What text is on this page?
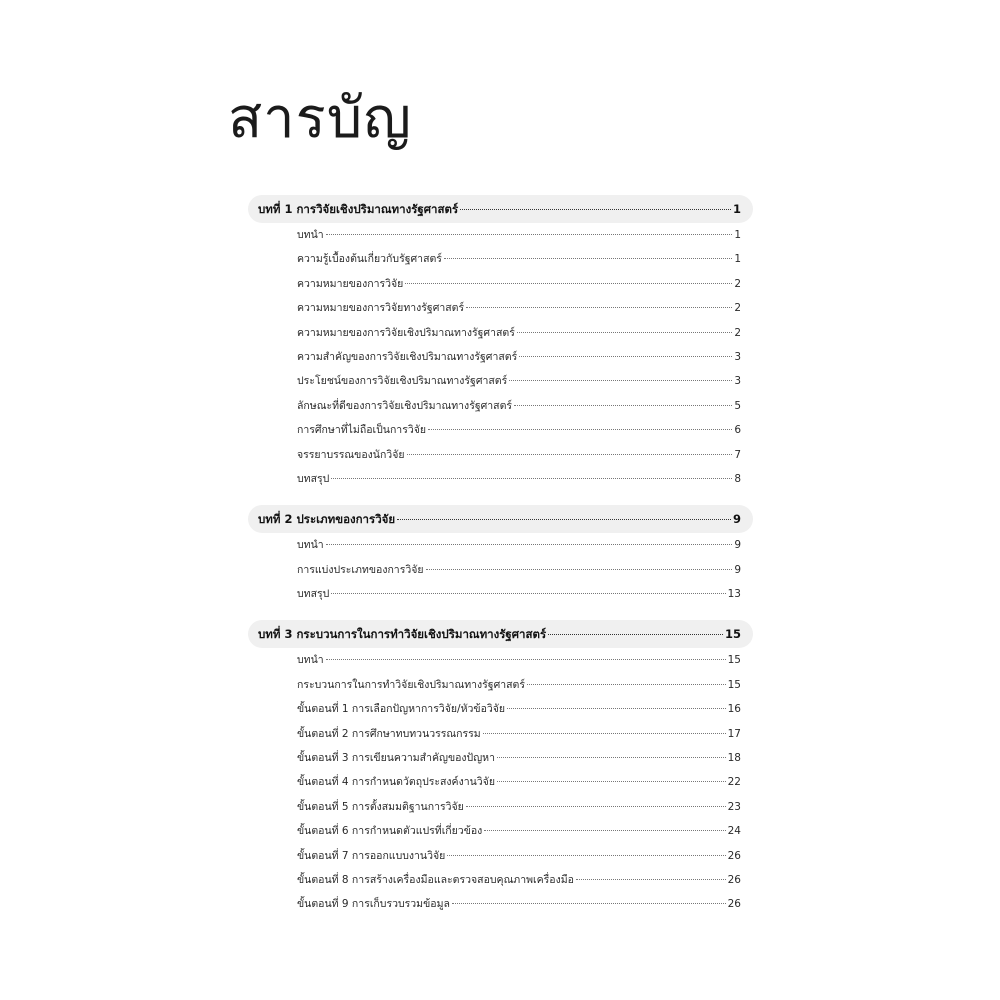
สารบัญ
บทที่ 1 การวิจัยเชิงปริมาณทางรัฐศาสตร์	1
บทนำ	1
ความรู้เบื้องต้นเกี่ยวกับรัฐศาสตร์	1
ความหมายของการวิจัย	2
ความหมายของการวิจัยทางรัฐศาสตร์	2
ความหมายของการวิจัยเชิงปริมาณทางรัฐศาสตร์	2
ความสำคัญของการวิจัยเชิงปริมาณทางรัฐศาสตร์	3
ประโยชน์ของการวิจัยเชิงปริมาณทางรัฐศาสตร์	3
ลักษณะที่ดีของการวิจัยเชิงปริมาณทางรัฐศาสตร์	5
การศึกษาที่ไม่ถือเป็นการวิจัย	6
จรรยาบรรณของนักวิจัย	7
บทสรุป	8
บทที่ 2 ประเภทของการวิจัย	9
บทนำ	9
การแบ่งประเภทของการวิจัย	9
บทสรุป	13
บทที่ 3 กระบวนการในการทำวิจัยเชิงปริมาณทางรัฐศาสตร์	15
บทนำ	15
กระบวนการในการทำวิจัยเชิงปริมาณทางรัฐศาสตร์	15
ขั้นตอนที่ 1 การเลือกปัญหาการวิจัย/หัวข้อวิจัย	16
ขั้นตอนที่ 2 การศึกษาทบทวนวรรณกรรม	17
ขั้นตอนที่ 3 การเขียนความสำคัญของปัญหา	18
ขั้นตอนที่ 4 การกำหนดวัตถุประสงค์งานวิจัย	22
ขั้นตอนที่ 5 การตั้งสมมติฐานการวิจัย	23
ขั้นตอนที่ 6 การกำหนดตัวแปรที่เกี่ยวข้อง	24
ขั้นตอนที่ 7 การออกแบบงานวิจัย	26
ขั้นตอนที่ 8 การสร้างเครื่องมือและตรวจสอบคุณภาพเครื่องมือ	26
ขั้นตอนที่ 9 การเก็บรวบรวมข้อมูล	26
